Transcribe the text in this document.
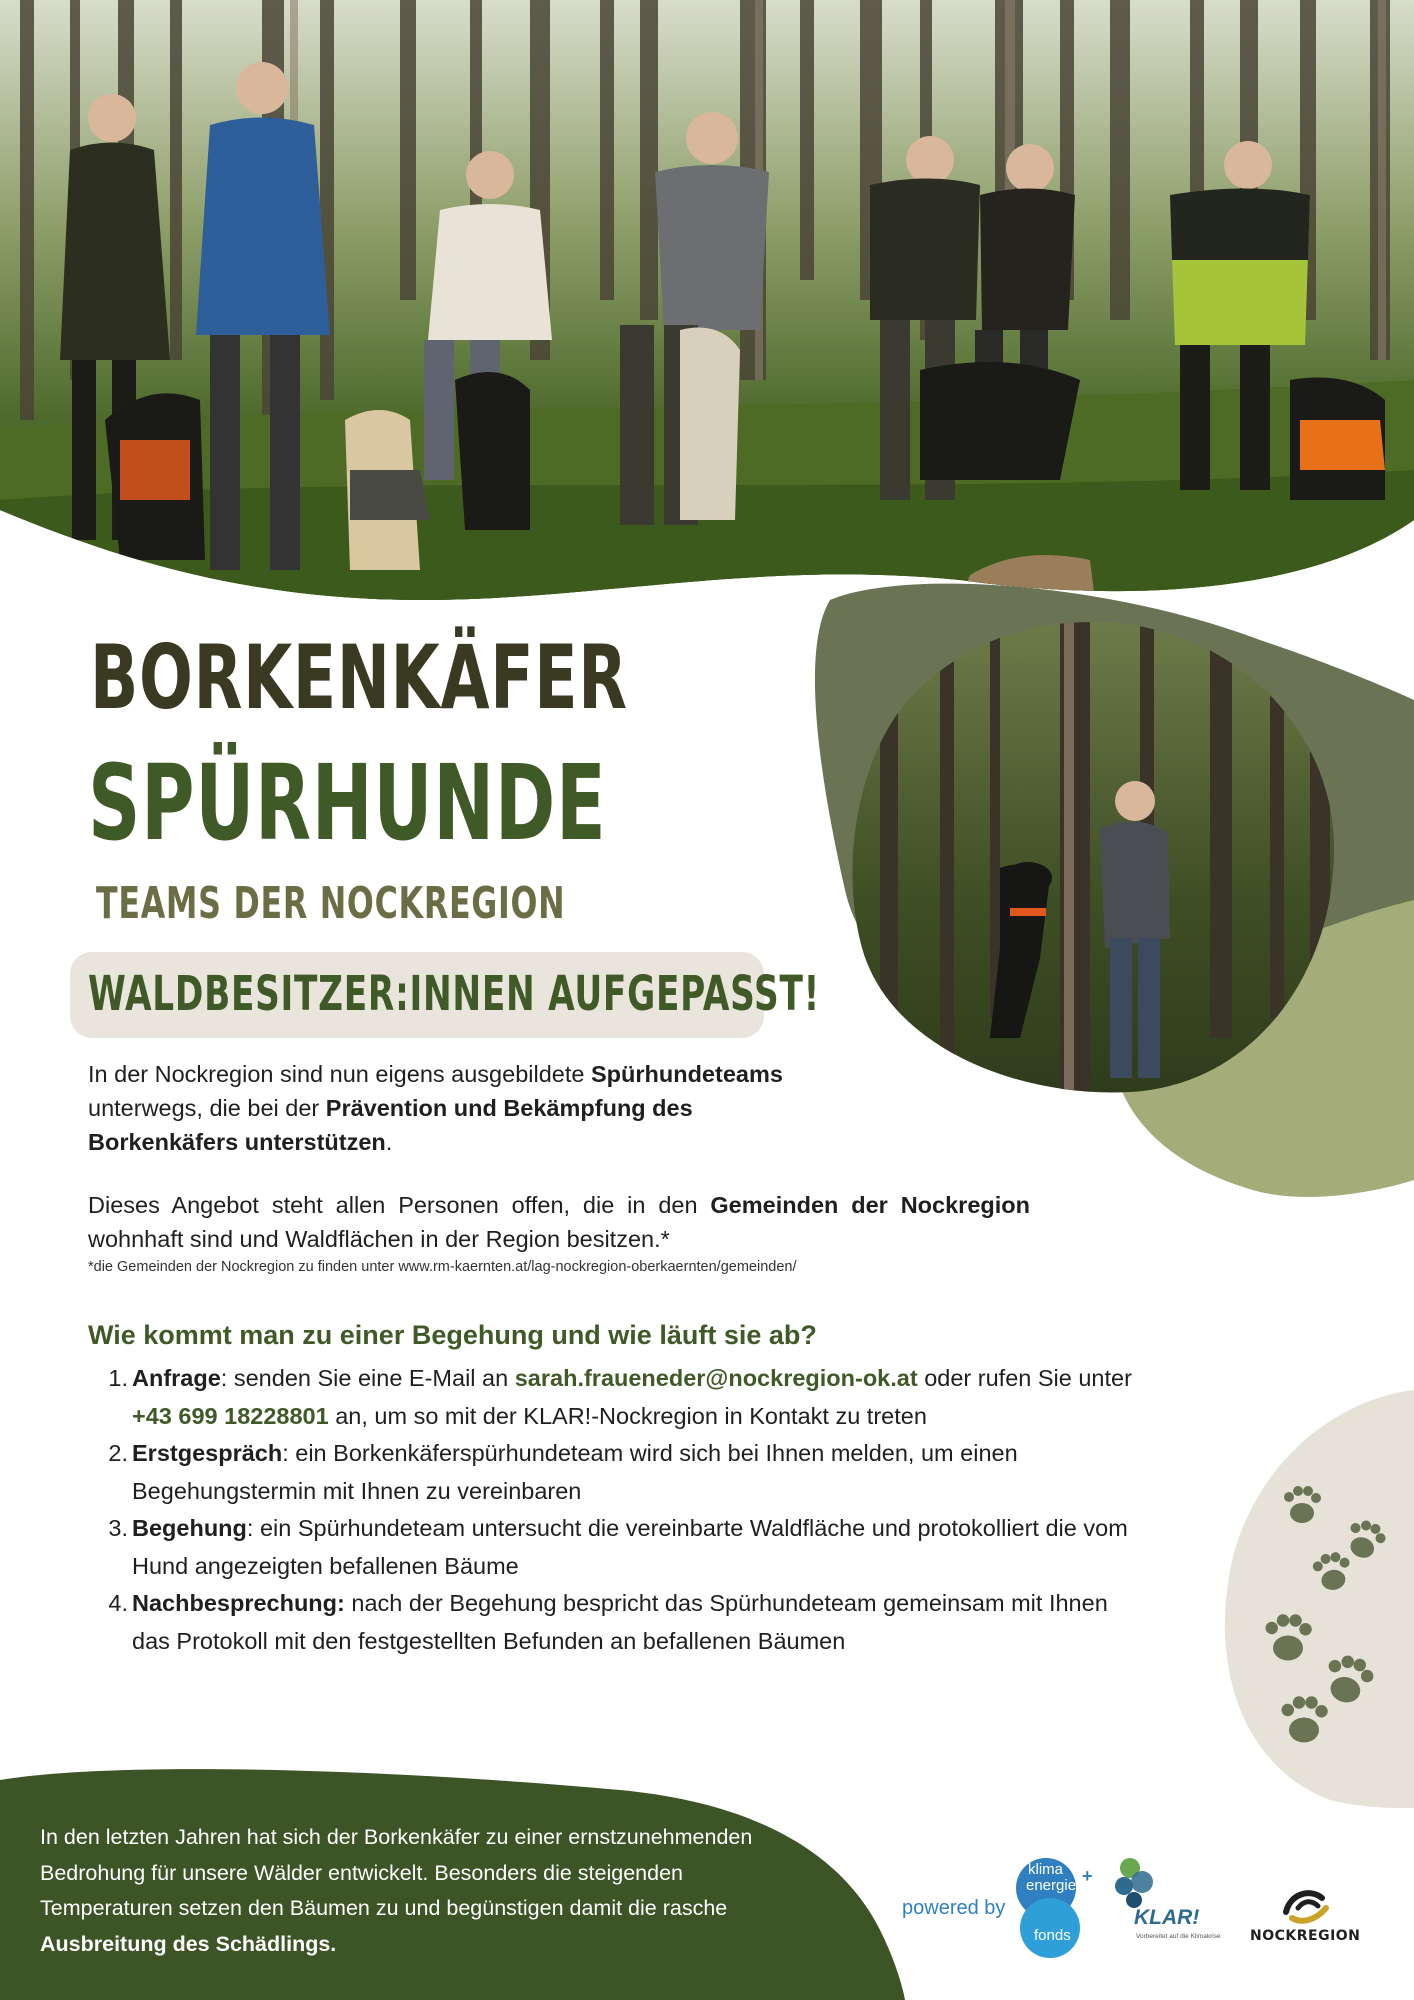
BORKENKÄFER
SPÜRHUNDE
TEAMS DER NOCKREGION
WALDBESITZER:INNEN AUFGEPASST!

In der Nockregion sind nun eigens ausgebildete Spürhundeteams unterwegs, die bei der Prävention und Bekämpfung des Borkenkäfers unterstützen.

Dieses Angebot steht allen Personen offen, die in den Gemeinden der Nockregion wohnhaft sind und Waldflächen in der Region besitzen.*

*die Gemeinden der Nockregion zu finden unter www.rm-kaernten.at/lag-nockregion-oberkaernten/gemeinden/
Wie kommt man zu einer Begehung und wie läuft sie ab?
1. Anfrage: senden Sie eine E-Mail an sarah.fraueneder@nockregion-ok.at oder rufen Sie unter +43 699 18228801 an, um so mit der KLAR!-Nockregion in Kontakt zu treten
2. Erstgespräch: ein Borkenkäferspürhundeteam wird sich bei Ihnen melden, um einen Begehungstermin mit Ihnen zu vereinbaren
3. Begehung: ein Spürhundeteam untersucht die vereinbarte Waldfläche und protokolliert die vom Hund angezeigten befallenen Bäume
4. Nachbesprechung: nach der Begehung bespricht das Spürhundeteam gemeinsam mit Ihnen das Protokoll mit den festgestellten Befunden an befallenen Bäumen

In den letzten Jahren hat sich der Borkenkäfer zu einer ernstzunehmenden Bedrohung für unsere Wälder entwickelt. Besonders die steigenden Temperaturen setzen den Bäumen zu und begünstigen damit die rasche Ausbreitung des Schädlings.

powered by
klima
energie
fonds
+
KLAR!
Vorbereitet auf die Klimakrise NOCKREGION
